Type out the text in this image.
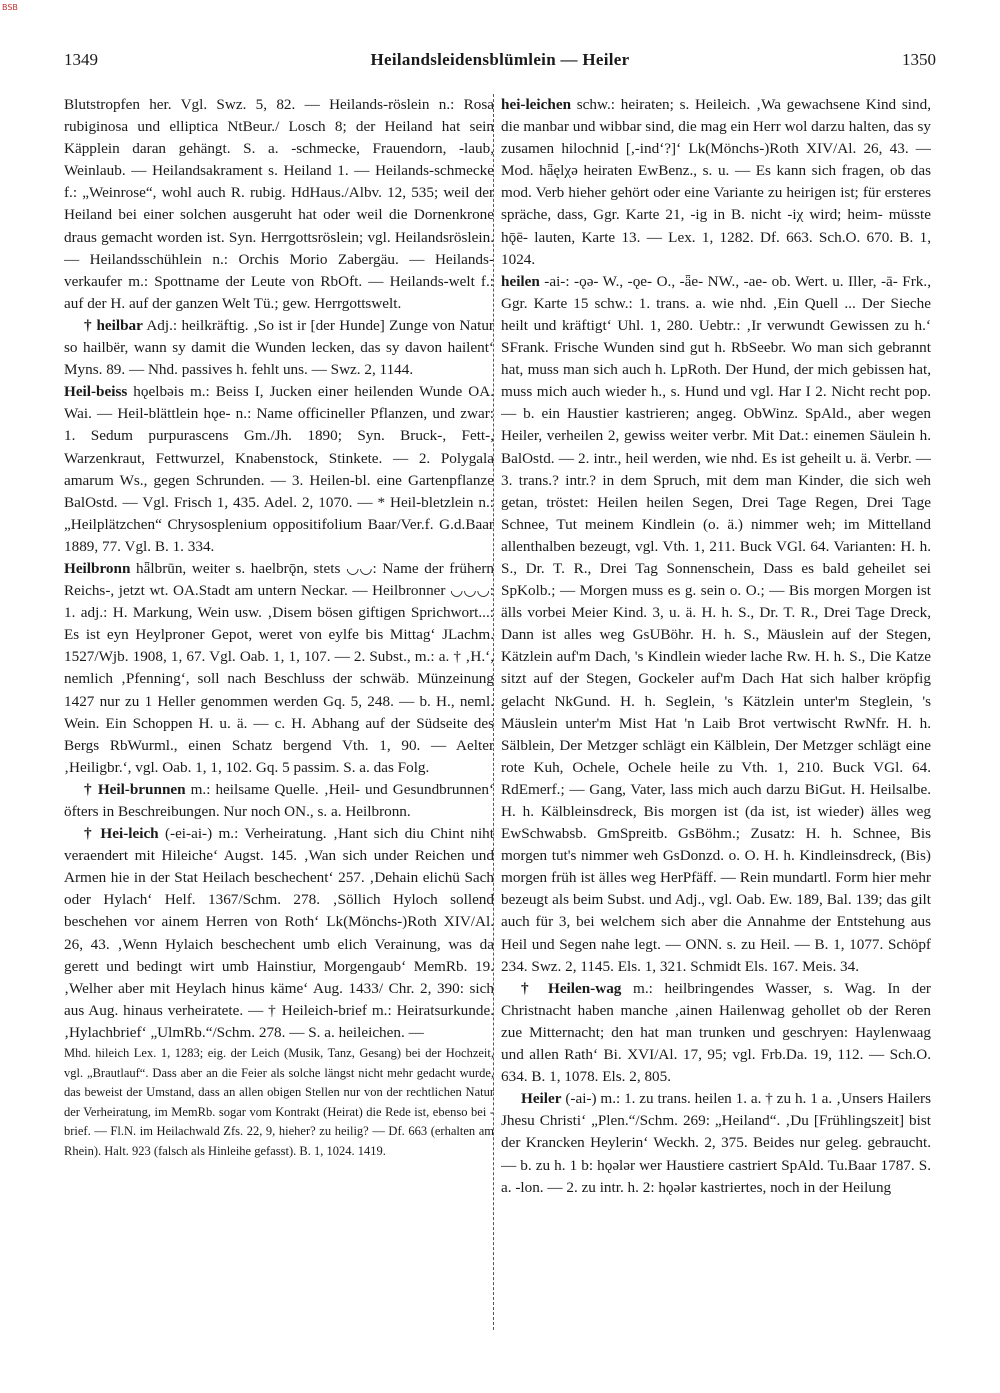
BSB
1349	Heilandsleidensblümlein — Heiler	1350

Blutstropfen her. Vgl. Swz. 5, 82. — Heilands-röslein n.: Rosa rubiginosa und elliptica NtBeur./ Losch 8; der Heiland hat sein Käpplein daran gehängt. S. a. -schmecke, Frauendorn, -laub, Weinlaub. — Heilandsakrament s. Heiland 1. — Heilands-schmecke f.: „Weinrose“, wohl auch R. rubig. HdHaus./Albv. 12, 535; weil der Heiland bei einer solchen ausgeruht hat oder weil die Dornenkrone draus gemacht worden ist. Syn. Herrgottsröslein; vgl. Heilandsröslein. — Heilandsschühlein n.: Orchis Morio Zabergäu. — Heilands-verkaufer m.: Spottname der Leute von RbOft. — Heilands-welt f.: auf der H. auf der ganzen Welt Tü.; gew. Herrgottswelt.

† heilbar Adj.: heilkräftig. ‚So ist ir [der Hunde] Zunge von Natur so hailbër, wann sy damit die Wunden lecken, das sy davon hailent‘ Myns. 89. — Nhd. passives h. fehlt uns. — Swz. 2, 1144.

Heil-beiss hǫelbəis m.: Beiss I, Jucken einer heilenden Wunde OA. Wai. — Heil-blättlein hǫe- n.: Name officineller Pflanzen, und zwar: 1. Sedum purpurascens Gm./Jh. 1890; Syn. Bruck-, Fett-, Warzenkraut, Fettwurzel, Knabenstock, Stinkete. — 2. Polygala amarum Ws., gegen Schrunden. — 3. Heilen-bl. eine Gartenpflanze BalOstd. — Vgl. Frisch 1, 435. Adel. 2, 1070. — * Heil-bletzlein n.: „Heilplätzchen“ Chrysosplenium oppositifolium Baar/Ver.f. G.d.Baar 1889, 77. Vgl. B. 1. 334.

Heilbronn hǟlbrūn, weiter s. haelbrǭn, stets ◡◡: Name der frühern Reichs-, jetzt wt. OA.Stadt am untern Neckar. — Heilbronner ◡◡◡: 1. adj.: H. Markung, Wein usw. ‚Disem bösen giftigen Sprichwort...: Es ist eyn Heylproner Gepot, weret von eylfe bis Mittag‘ JLachm. 1527/Wjb. 1908, 1, 67. Vgl. Oab. 1, 1, 107. — 2. Subst., m.: a. † ‚H.‘, nemlich ‚Pfenning‘, soll nach Beschluss der schwäb. Münzeinung 1427 nur zu 1 Heller genommen werden Gq. 5, 248. — b. H., neml. Wein. Ein Schoppen H. u. ä. — c. H. Abhang auf der Südseite des Bergs RbWurml., einen Schatz bergend Vth. 1, 90. — Aelter ‚Heiligbr.‘, vgl. Oab. 1, 1, 102. Gq. 5 passim. S. a. das Folg.

† Heil-brunnen m.: heilsame Quelle. ‚Heil- und Gesundbrunnen‘ öfters in Beschreibungen. Nur noch ON., s. a. Heilbronn.

† Hei-leich (-ei-ai-) m.: Verheiratung. ‚Hant sich diu Chint niht veraendert mit Hileiche‘ Augst. 145. ‚Wan sich under Reichen und Armen hie in der Stat Heilach beschechent‘ 257. ‚Dehain elichü Sach oder Hylach‘ Helf. 1367/Schm. 278. ‚Söllich Hyloch sollend beschehen vor ainem Herren von Roth‘ Lk(Mönchs-)Roth XIV/Al. 26, 43. ‚Wenn Hylaich beschechent umb elich Verainung, was da gerett und bedingt wirt umb Hainstiur, Morgengaub‘ MemRb. 19. ‚Welher aber mit Heylach hinus käme‘ Aug. 1433/ Chr. 2, 390: sich aus Aug. hinaus verheiratete. — † Heileich-brief m.: Heiratsurkunde. ‚Hylachbrief‘ „UlmRb.“/Schm. 278. — S. a. heileichen. —

Mhd. hileich Lex. 1, 1283; eig. der Leich (Musik, Tanz, Gesang) bei der Hochzeit, vgl. „Brautlauf“. Dass aber an die Feier als solche längst nicht mehr gedacht wurde, das beweist der Umstand, dass an allen obigen Stellen nur von der rechtlichen Natur der Verheiratung, im MemRb. sogar vom Kontrakt (Heirat) die Rede ist, ebenso bei -brief. — Fl.N. im Heilachwald Zfs. 22, 9, hieher? zu heilig? — Df. 663 (erhalten am Rhein). Halt. 923 (falsch als Hinleihe gefasst). B. 1, 1024. 1419.

hei-leichen schw.: heiraten; s. Heileich. ‚Wa gewachsene Kind sind, die manbar und wibbar sind, die mag ein Herr wol darzu halten, das sy zusamen hilochnid [,-ind‘?]‘ Lk(Mönchs-)Roth XIV/Al. 26, 43. — Mod. hǟęlχə heiraten EwBenz., s. u. — Es kann sich fragen, ob das mod. Verb hieher gehört oder eine Variante zu heirigen ist; für ersteres spräche, dass, Ggr. Karte 21, -ig in B. nicht -iχ wird; heim- müsste hǭē- lauten, Karte 13. — Lex. 1, 1282. Df. 663. Sch.O. 670. B. 1, 1024.

heilen -ai-: -ǫə- W., -ǫe- O., -ǟe- NW., -ae- ob. Wert. u. Iller, -ā- Frk., Ggr. Karte 15 schw.: 1. trans. a. wie nhd. ‚Ein Quell ... Der Sieche heilt und kräftigt‘ Uhl. 1, 280. Uebtr.: ‚Ir verwundt Gewissen zu h.‘ SFrank. Frische Wunden sind gut h. RbSeebr. Wo man sich gebrannt hat, muss man sich auch h. LpRoth. Der Hund, der mich gebissen hat, muss mich auch wieder h., s. Hund und vgl. Har I 2. Nicht recht pop. — b. ein Haustier kastrieren; angeg. ObWinz. SpAld., aber wegen Heiler, verheilen 2, gewiss weiter verbr. Mit Dat.: einemen Säulein h. BalOstd. — 2. intr., heil werden, wie nhd. Es ist geheilt u. ä. Verbr. — 3. trans.? intr.? in dem Spruch, mit dem man Kinder, die sich weh getan, tröstet: Heilen heilen Segen, Drei Tage Regen, Drei Tage Schnee, Tut meinem Kindlein (o. ä.) nimmer weh; im Mittelland allenthalben bezeugt, vgl. Vth. 1, 211. Buck VGl. 64. Varianten: H. h. S., Dr. T. R., Drei Tag Sonnenschein, Dass es bald geheilet sei SpKolb.; — Morgen muss es g. sein o. O.; — Bis morgen Morgen ist älls vorbei Meier Kind. 3, u. ä. H. h. S., Dr. T. R., Drei Tage Dreck, Dann ist alles weg GsUBöhr. H. h. S., Mäuslein auf der Stegen, Kätzlein auf'm Dach, 's Kindlein wieder lache Rw. H. h. S., Die Katze sitzt auf der Stegen, Gockeler auf'm Dach Hat sich halber kröpfig gelacht NkGund. H. h. Seglein, 's Kätzlein unter'm Steglein, 's Mäuslein unter'm Mist Hat 'n Laib Brot vertwischt RwNfr. H. h. Sälblein, Der Metzger schlägt ein Kälblein, Der Metzger schlägt eine rote Kuh, Ochele, Ochele heile zu Vth. 1, 210. Buck VGl. 64. RdEmerf.; — Gang, Vater, lass mich auch darzu BiGut. H. Heilsalbe. H. h. Kälbleinsdreck, Bis morgen ist (da ist, ist wieder) älles weg EwSchwabsb. GmSpreitb. GsBöhm.; Zusatz: H. h. Schnee, Bis morgen tut's nimmer weh GsDonzd. o. O. H. h. Kindleinsdreck, (Bis) morgen früh ist älles weg HerPfäff. — Rein mundartl. Form hier mehr bezeugt als beim Subst. und Adj., vgl. Oab. Ew. 189, Bal. 139; das gilt auch für 3, bei welchem sich aber die Annahme der Entstehung aus Heil und Segen nahe legt. — ONN. s. zu Heil. — B. 1, 1077. Schöpf 234. Swz. 2, 1145. Els. 1, 321. Schmidt Els. 167. Meis. 34.

† Heilen-wag m.: heilbringendes Wasser, s. Wag. In der Christnacht haben manche ‚ainen Hailenwag gehollet ob der Reren zue Mitternacht; den hat man trunken und geschryen: Haylenwaag und allen Rath‘ Bi. XVI/Al. 17, 95; vgl. Frb.Da. 19, 112. — Sch.O. 634. B. 1, 1078. Els. 2, 805.

Heiler (-ai-) m.: 1. zu trans. heilen 1. a. † zu h. 1 a. ‚Unsers Hailers Jhesu Christi‘ „Plen.“/Schm. 269: „Heiland“. ‚Du [Frühlingszeit] bist der Krancken Heylerin‘ Weckh. 2, 375. Beides nur geleg. gebraucht. — b. zu h. 1 b: hǫələr wer Haustiere castriert SpAld. Tu.Baar 1787. S. a. -lon. — 2. zu intr. h. 2: hǫələr kastriertes, noch in der Heilung
